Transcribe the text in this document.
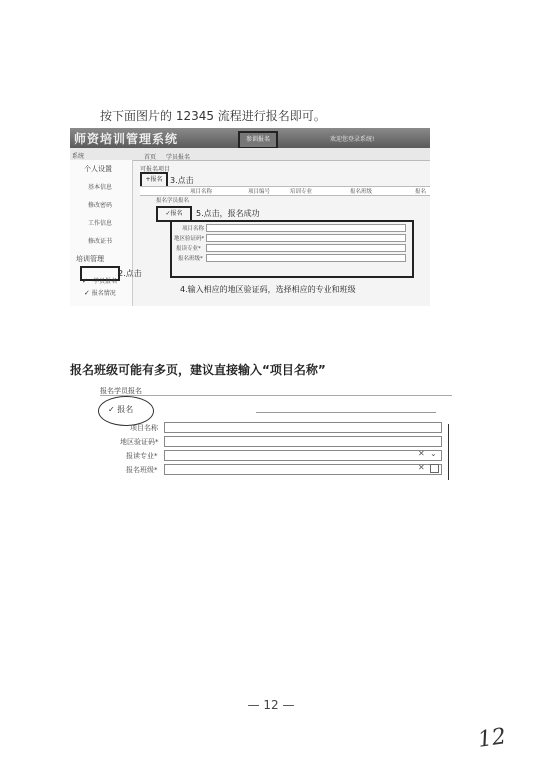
按下面图片的 12345 流程进行报名即可。
师资培训管理系统	参训报名	欢迎您登录系统!
系统	首页 学员报名
个人设置
基本信息
修改密码
工作信息
修改证书
培训管理
✓ 学员报名
2.点击
✓ 报名情况
可报名项目
+报名 3.点击
项目名称	项目编号	培训专业	报名班级	报名
报名学员报名
✓报名	5.点击，报名成功
项目名称
地区验证码*
报读专业*
报名班级*
4.输入相应的地区验证码，选择相应的专业和班级
报名班级可能有多页，建议直接输入“项目名称”
报名学员报名
✓ 报名
项目名称
地区验证码*
报读专业*	✕ ⌄
报名班级*	✕
— 12 —
12
